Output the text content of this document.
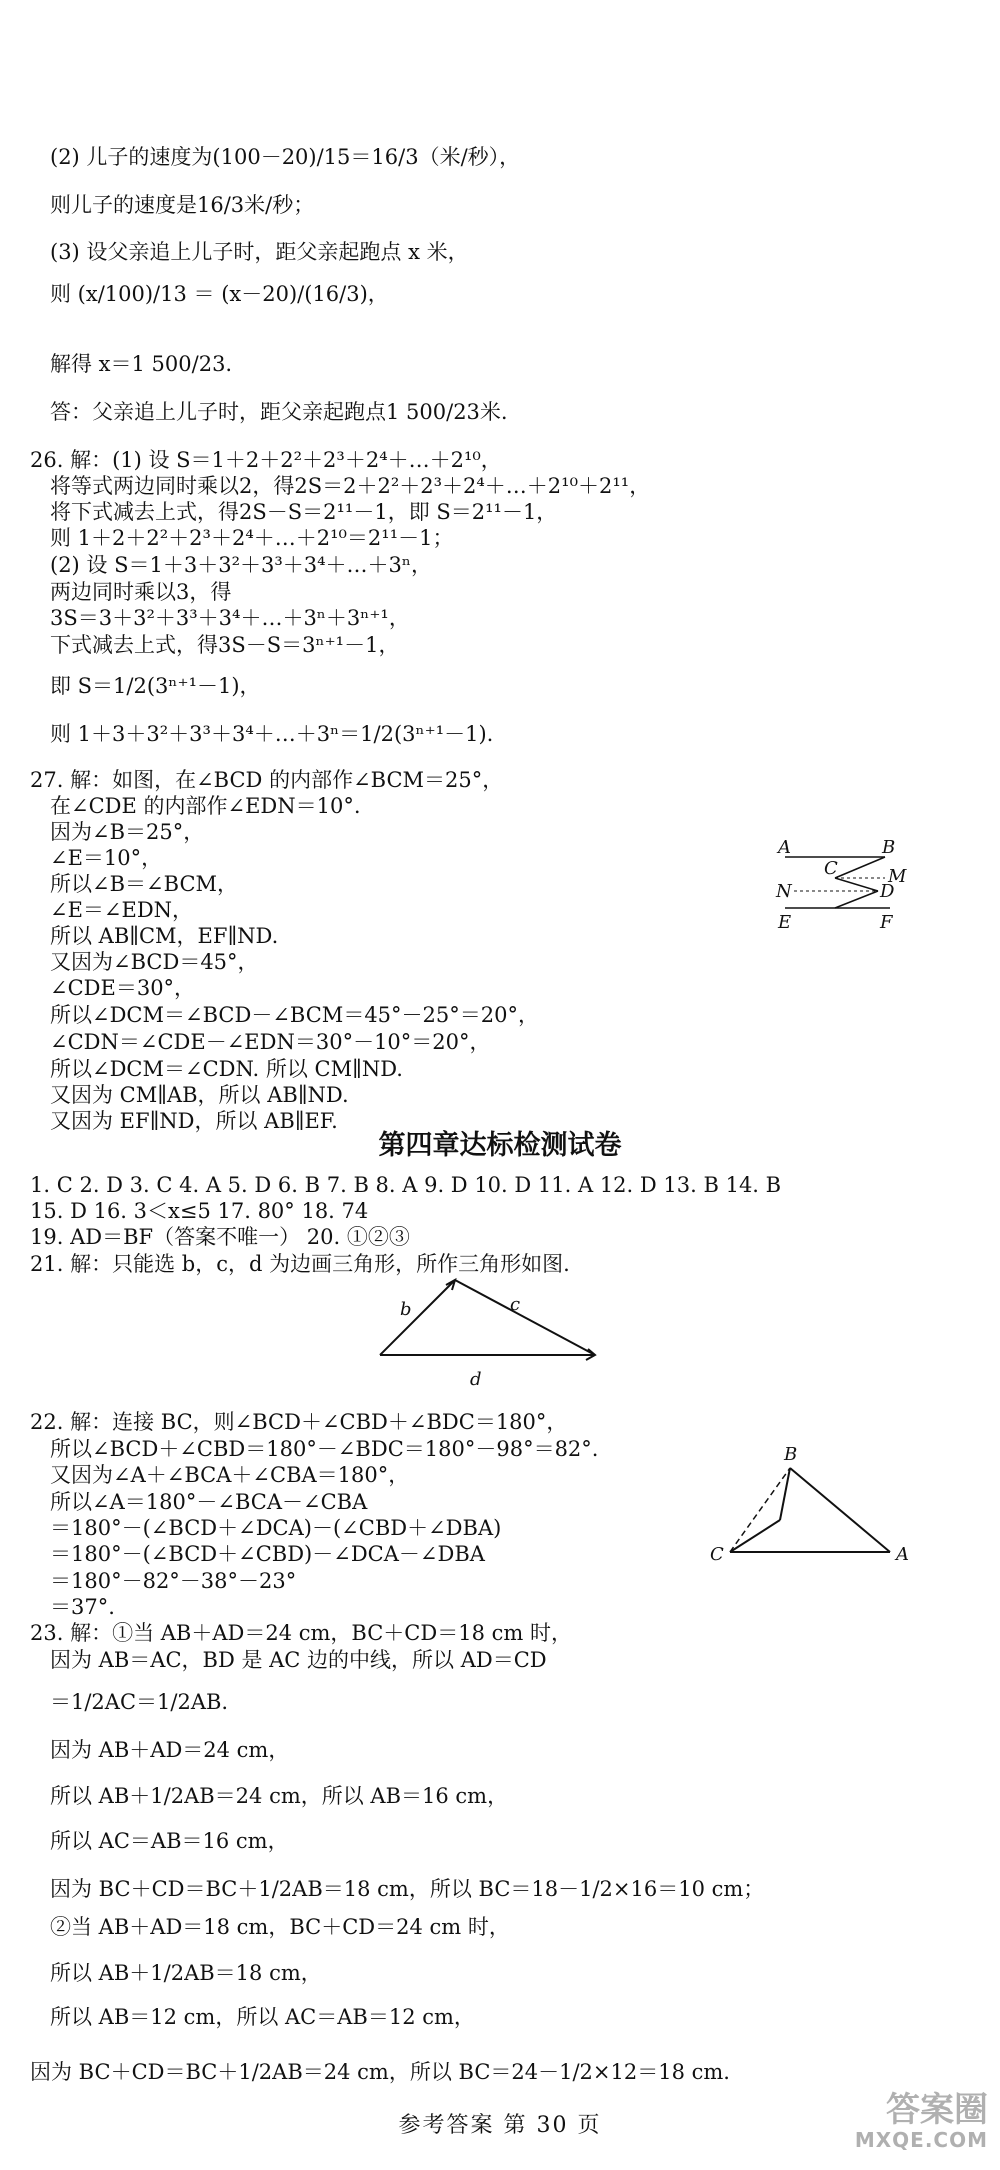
(2) 儿子的速度为(100－20)/15＝16/3（米/秒），
则儿子的速度是16/3米/秒；
(3) 设父亲追上儿子时，距父亲起跑点 x 米，
则 (x/100)/13 ＝ (x－20)/(16/3)，
解得 x＝1 500/23.
答：父亲追上儿子时，距父亲起跑点1 500/23米.
26. 解：(1) 设 S＝1＋2＋2²＋2³＋2⁴＋…＋2¹⁰，
将等式两边同时乘以2，得2S＝2＋2²＋2³＋2⁴＋…＋2¹⁰＋2¹¹，
将下式减去上式，得2S－S＝2¹¹－1，即 S＝2¹¹－1，
则 1＋2＋2²＋2³＋2⁴＋…＋2¹⁰＝2¹¹－1；
(2) 设 S＝1＋3＋3²＋3³＋3⁴＋…＋3ⁿ，
两边同时乘以3，得
3S＝3＋3²＋3³＋3⁴＋…＋3ⁿ＋3ⁿ⁺¹，
下式减去上式，得3S－S＝3ⁿ⁺¹－1，
即 S＝1/2(3ⁿ⁺¹－1)，
则 1＋3＋3²＋3³＋3⁴＋…＋3ⁿ＝1/2(3ⁿ⁺¹－1).
27. 解：如图，在∠BCD 的内部作∠BCM＝25°，
在∠CDE 的内部作∠EDN＝10°.
因为∠B＝25°，
∠E＝10°，
所以∠B＝∠BCM，
∠E＝∠EDN，
所以 AB∥CM，EF∥ND.
又因为∠BCD＝45°，
∠CDE＝30°，
所以∠DCM＝∠BCD－∠BCM＝45°－25°＝20°，
∠CDN＝∠CDE－∠EDN＝30°－10°＝20°，
所以∠DCM＝∠CDN. 所以 CM∥ND.
又因为 CM∥AB，所以 AB∥ND.
又因为 EF∥ND，所以 AB∥EF.
1. C 2. D 3. C 4. A 5. D 6. B 7. B 8. A 9. D 10. D 11. A 12. D 13. B 14. B
15. D 16. 3＜x≤5 17. 80° 18. 74
19. AD＝BF（答案不唯一） 20. ①②③
21. 解：只能选 b，c，d 为边画三角形，所作三角形如图.
22. 解：连接 BC，则∠BCD＋∠CBD＋∠BDC＝180°，
所以∠BCD＋∠CBD＝180°－∠BDC＝180°－98°＝82°.
又因为∠A＋∠BCA＋∠CBA＝180°，
所以∠A＝180°－∠BCA－∠CBA
＝180°－(∠BCD＋∠DCA)－(∠CBD＋∠DBA)
＝180°－(∠BCD＋∠CBD)－∠DCA－∠DBA
＝180°－82°－38°－23°
＝37°.
23. 解：①当 AB＋AD＝24 cm，BC＋CD＝18 cm 时，
因为 AB＝AC，BD 是 AC 边的中线，所以 AD＝CD
＝1/2AC＝1/2AB.
因为 AB＋AD＝24 cm，
所以 AB＋1/2AB＝24 cm，所以 AB＝16 cm，
所以 AC＝AB＝16 cm，
因为 BC＋CD＝BC＋1/2AB＝18 cm，所以 BC＝18－1/2×16＝10 cm；
②当 AB＋AD＝18 cm，BC＋CD＝24 cm 时，
所以 AB＋1/2AB＝18 cm，
所以 AB＝12 cm，所以 AC＝AB＝12 cm，
因为 BC＋CD＝BC＋1/2AB＝24 cm，所以 BC＝24－1/2×12＝18 cm.
第四章达标检测试卷
A	B
C	M
N	D
E	F
b	c
d
B
C	A
参考答案 第 30 页	答案圈
MXQE.COM
